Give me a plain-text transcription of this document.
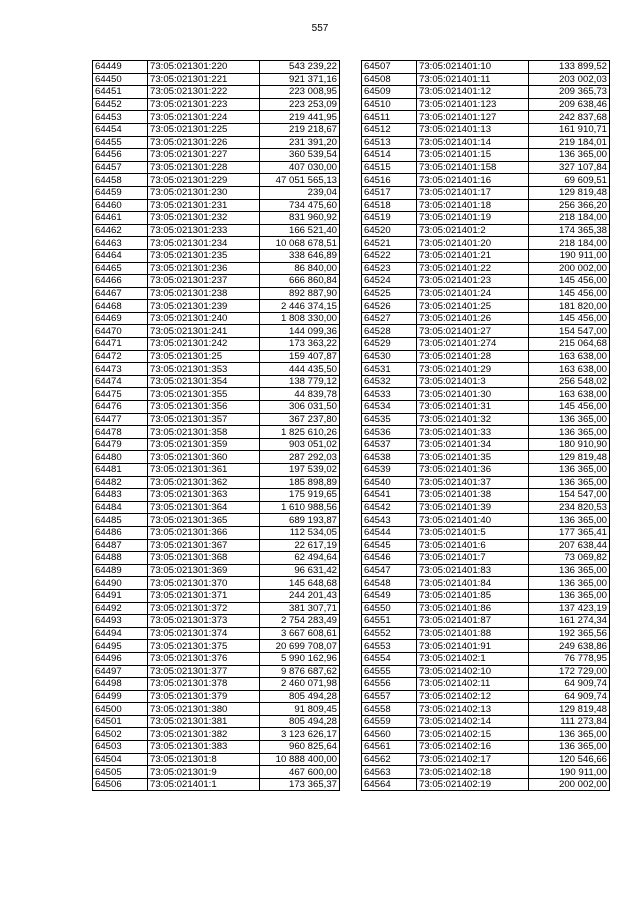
557
64449	73:05:021301:220	543 239,22
64450	73:05:021301:221	921 371,16
64451	73:05:021301:222	223 008,95
64452	73:05:021301:223	223 253,09
64453	73:05:021301:224	219 441,95
64454	73:05:021301:225	219 218,67
64455	73:05:021301:226	231 391,20
64456	73:05:021301:227	360 539,54
64457	73:05:021301:228	407 030,00
64458	73:05:021301:229	47 051 565,13
64459	73:05:021301:230	239,04
64460	73:05:021301:231	734 475,60
64461	73:05:021301:232	831 960,92
64462	73:05:021301:233	166 521,40
64463	73:05:021301:234	10 068 678,51
64464	73:05:021301:235	338 646,89
64465	73:05:021301:236	86 840,00
64466	73:05:021301:237	666 860,84
64467	73:05:021301:238	892 887,90
64468	73:05:021301:239	2 446 374,15
64469	73:05:021301:240	1 808 330,00
64470	73:05:021301:241	144 099,36
64471	73:05:021301:242	173 363,22
64472	73:05:021301:25	159 407,87
64473	73:05:021301:353	444 435,50
64474	73:05:021301:354	138 779,12
64475	73:05:021301:355	44 839,78
64476	73:05:021301:356	306 031,50
64477	73:05:021301:357	367 237,80
64478	73:05:021301:358	1 825 610,26
64479	73:05:021301:359	903 051,02
64480	73:05:021301:360	287 292,03
64481	73:05:021301:361	197 539,02
64482	73:05:021301:362	185 898,89
64483	73:05:021301:363	175 919,65
64484	73:05:021301:364	1 610 988,56
64485	73:05:021301:365	689 193,87
64486	73:05:021301:366	112 534,05
64487	73:05:021301:367	22 617,19
64488	73:05:021301:368	62 494,64
64489	73:05:021301:369	96 631,42
64490	73:05:021301:370	145 648,68
64491	73:05:021301:371	244 201,43
64492	73:05:021301:372	381 307,71
64493	73:05:021301:373	2 754 283,49
64494	73:05:021301:374	3 667 608,61
64495	73:05:021301:375	20 699 708,07
64496	73:05:021301:376	5 990 162,96
64497	73:05:021301:377	9 876 687,62
64498	73:05:021301:378	2 460 071,98
64499	73:05:021301:379	805 494,28
64500	73:05:021301:380	91 809,45
64501	73:05:021301:381	805 494,28
64502	73:05:021301:382	3 123 626,17
64503	73:05:021301:383	960 825,64
64504	73:05:021301:8	10 888 400,00
64505	73:05:021301:9	467 600,00
64506	73:05:021401:1	173 365,37
64507	73:05:021401:10	133 899,52
64508	73:05:021401:11	203 002,03
64509	73:05:021401:12	209 365,73
64510	73:05:021401:123	209 638,46
64511	73:05:021401:127	242 837,68
64512	73:05:021401:13	161 910,71
64513	73:05:021401:14	219 184,01
64514	73:05:021401:15	136 365,00
64515	73:05:021401:158	327 107,84
64516	73:05:021401:16	69 609,51
64517	73:05:021401:17	129 819,48
64518	73:05:021401:18	256 366,20
64519	73:05:021401:19	218 184,00
64520	73:05:021401:2	174 365,38
64521	73:05:021401:20	218 184,00
64522	73:05:021401:21	190 911,00
64523	73:05:021401:22	200 002,00
64524	73:05:021401:23	145 456,00
64525	73:05:021401:24	145 456,00
64526	73:05:021401:25	181 820,00
64527	73:05:021401:26	145 456,00
64528	73:05:021401:27	154 547,00
64529	73:05:021401:274	215 064,68
64530	73:05:021401:28	163 638,00
64531	73:05:021401:29	163 638,00
64532	73:05:021401:3	256 548,02
64533	73:05:021401:30	163 638,00
64534	73:05:021401:31	145 456,00
64535	73:05:021401:32	136 365,00
64536	73:05:021401:33	136 365,00
64537	73:05:021401:34	180 910,90
64538	73:05:021401:35	129 819,48
64539	73:05:021401:36	136 365,00
64540	73:05:021401:37	136 365,00
64541	73:05:021401:38	154 547,00
64542	73:05:021401:39	234 820,53
64543	73:05:021401:40	136 365,00
64544	73:05:021401:5	177 365,41
64545	73:05:021401:6	207 638,44
64546	73:05:021401:7	73 069,82
64547	73:05:021401:83	136 365,00
64548	73:05:021401:84	136 365,00
64549	73:05:021401:85	136 365,00
64550	73:05:021401:86	137 423,19
64551	73:05:021401:87	161 274,34
64552	73:05:021401:88	192 365,56
64553	73:05:021401:91	249 638,86
64554	73:05:021402:1	76 778,95
64555	73:05:021402:10	172 729,00
64556	73:05:021402:11	64 909,74
64557	73:05:021402:12	64 909,74
64558	73:05:021402:13	129 819,48
64559	73:05:021402:14	111 273,84
64560	73:05:021402:15	136 365,00
64561	73:05:021402:16	136 365,00
64562	73:05:021402:17	120 546,66
64563	73:05:021402:18	190 911,00
64564	73:05:021402:19	200 002,00
